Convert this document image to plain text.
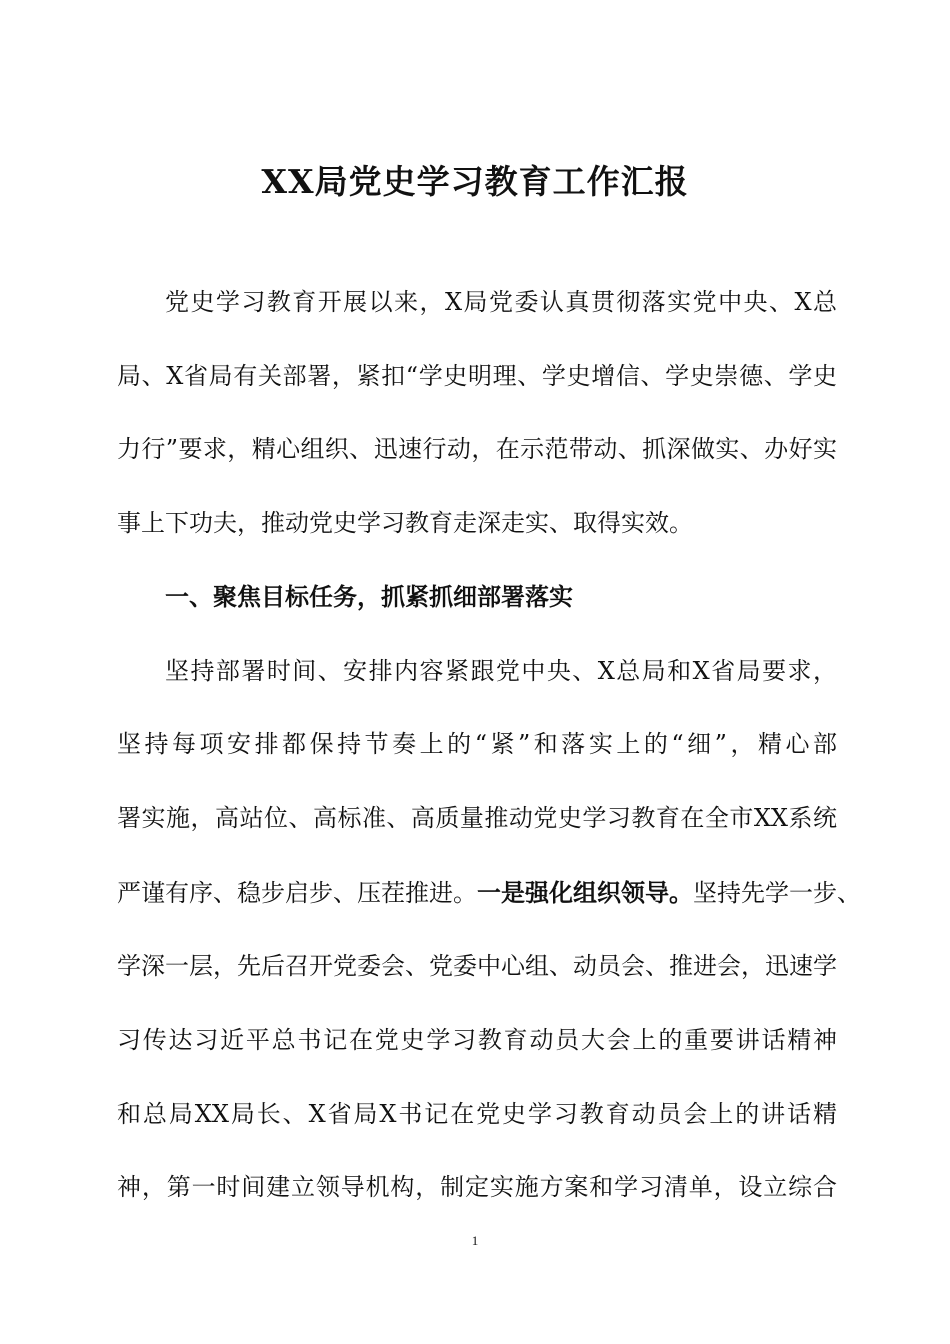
XX局党史学习教育工作汇报
党史学习教育开展以来，X局党委认真贯彻落实党中央、X总
局、X省局有关部署，紧扣“学史明理、学史增信、学史崇德、学史
力行”要求，精心组织、迅速行动，在示范带动、抓深做实、办好实
事上下功夫，推动党史学习教育走深走实、取得实效。
一、聚焦目标任务，抓紧抓细部署落实
坚持部署时间、安排内容紧跟党中央、X总局和X省局要求，
坚持每项安排都保持节奏上的“紧”和落实上的“细”，精心部
署实施，高站位、高标准、高质量推动党史学习教育在全市XX系统
严谨有序、稳步启步、压茬推进。一是强化组织领导。坚持先学一步、
学深一层，先后召开党委会、党委中心组、动员会、推进会，迅速学
习传达习近平总书记在党史学习教育动员大会上的重要讲话精神
和总局XX局长、X省局X书记在党史学习教育动员会上的讲话精
神，第一时间建立领导机构，制定实施方案和学习清单，设立综合
1
